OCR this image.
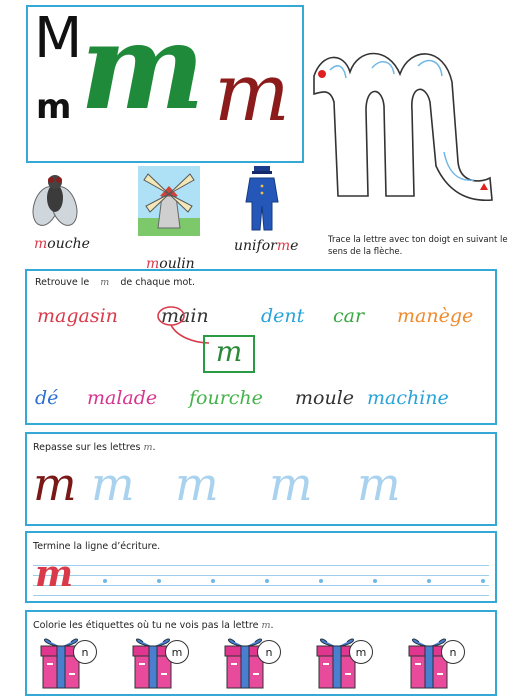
M
m m m
mouche
moulin
uniforme	Trace la lettre avec ton doigt en suivant le sens de la flèche.
Retrouve le m de chaque mot.
magasin main	dent car manège
m
dé malade fourche moule machine
Repasse sur les lettres m.
m m m m m
Termine la ligne d’écriture.
m
Colorie les étiquettes où tu ne vois pas la lettre m.
n	m	n	m	n
